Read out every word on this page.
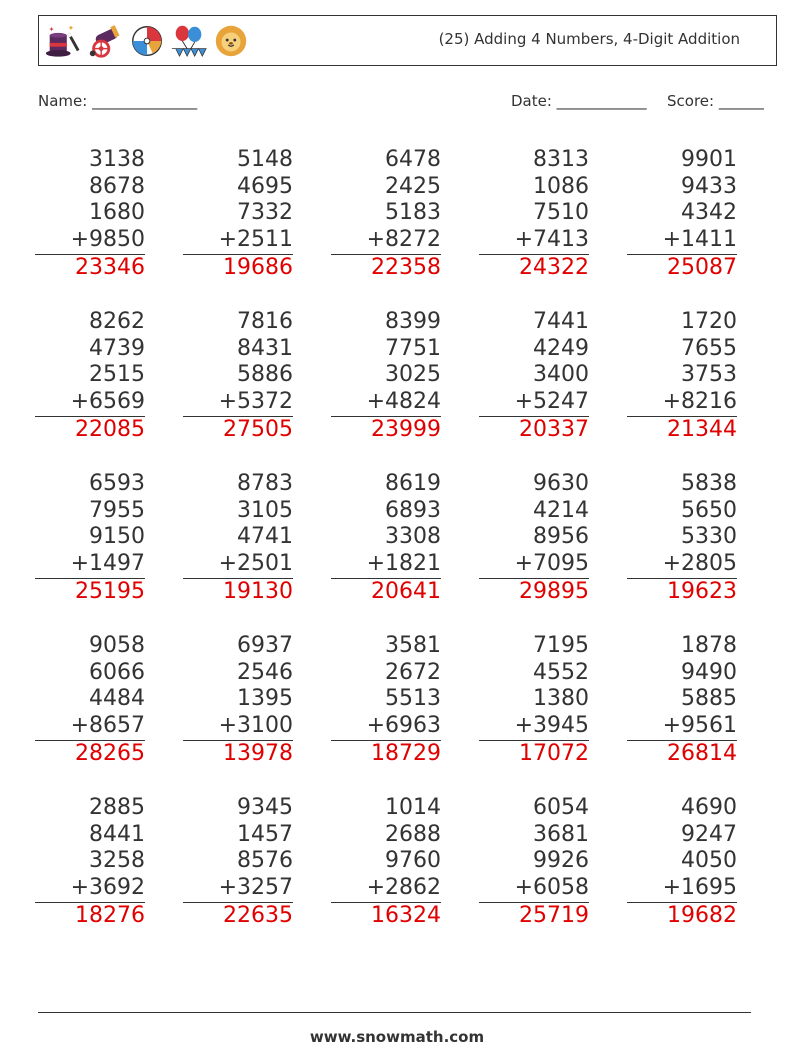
✦
✦
(25) Adding 4 Numbers, 4-Digit Addition
Name: ______________	Date: ____________ Score: ______
3138
8678
1680
+9850
23346
5148
4695
7332
+2511
19686
6478
2425
5183
+8272
22358
8313
1086
7510
+7413
24322
9901
9433
4342
+1411
25087
8262
4739
2515
+6569
22085
7816
8431
5886
+5372
27505
8399
7751
3025
+4824
23999
7441
4249
3400
+5247
20337
1720
7655
3753
+8216
21344
6593
7955
9150
+1497
25195
8783
3105
4741
+2501
19130
8619
6893
3308
+1821
20641
9630
4214
8956
+7095
29895
5838
5650
5330
+2805
19623
9058
6066
4484
+8657
28265
6937
2546
1395
+3100
13978
3581
2672
5513
+6963
18729
7195
4552
1380
+3945
17072
1878
9490
5885
+9561
26814
2885
8441
3258
+3692
18276
9345
1457
8576
+3257
22635
1014
2688
9760
+2862
16324
6054
3681
9926
+6058
25719
4690
9247
4050
+1695
19682
www.snowmath.com
